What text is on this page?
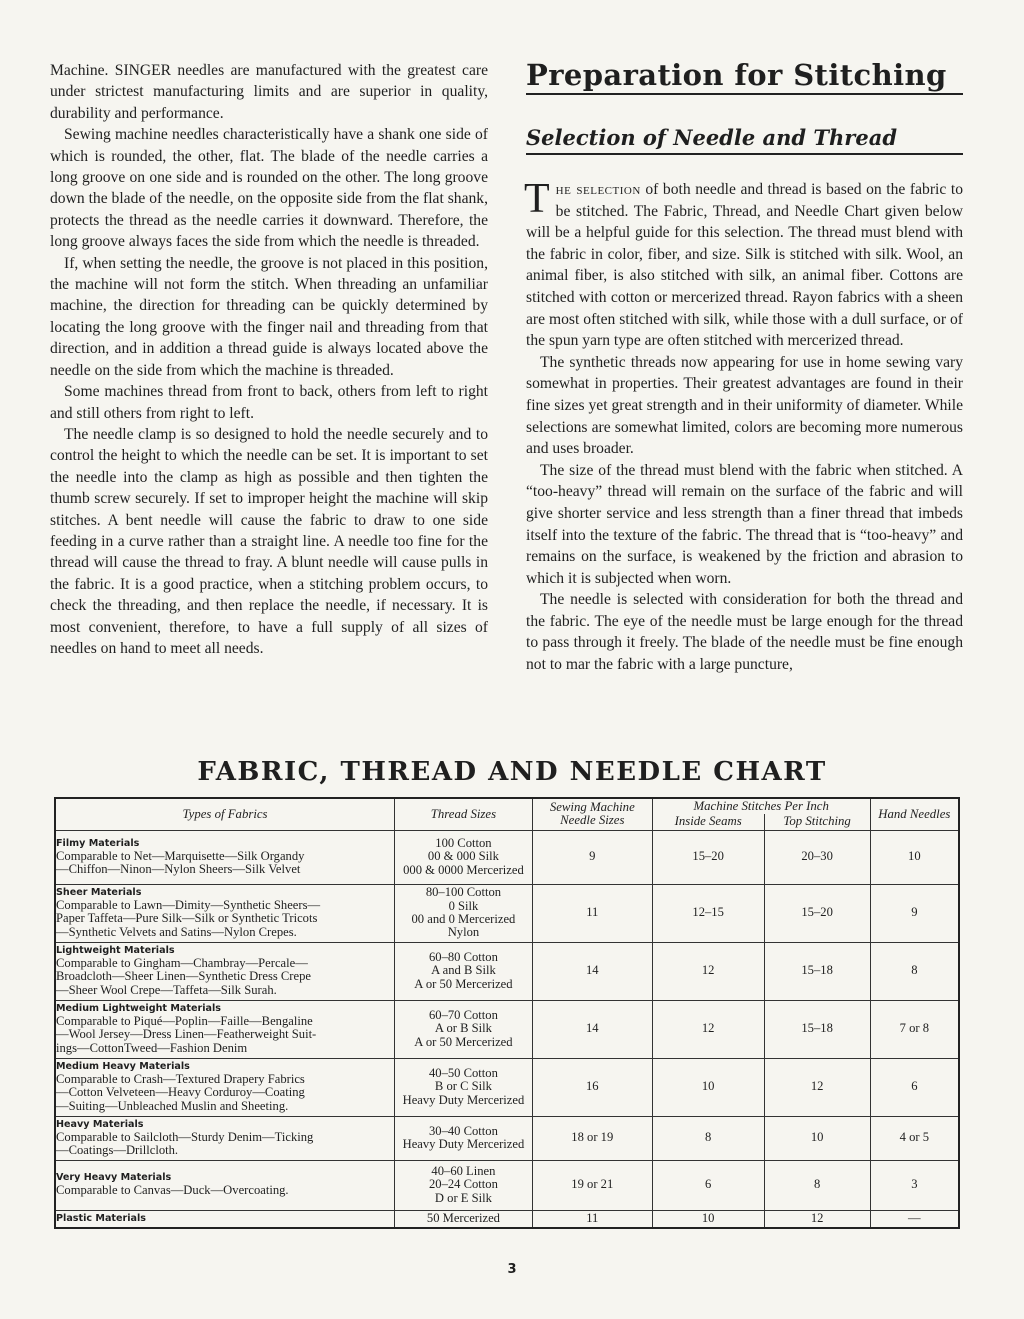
Machine. SINGER needles are manufactured with the greatest care under strictest manufacturing limits and are superior in quality, durability and performance.

Sewing machine needles characteristically have a shank one side of which is rounded, the other, flat. The blade of the needle carries a long groove on one side and is rounded on the other. The long groove down the blade of the needle, on the opposite side from the flat shank, protects the thread as the needle carries it downward. Therefore, the long groove always faces the side from which the needle is threaded.

If, when setting the needle, the groove is not placed in this position, the machine will not form the stitch. When threading an unfamiliar machine, the direction for threading can be quickly determined by locating the long groove with the finger nail and threading from that direction, and in addition a thread guide is always located above the needle on the side from which the machine is threaded.

Some machines thread from front to back, others from left to right and still others from right to left.

The needle clamp is so designed to hold the needle securely and to control the height to which the needle can be set. It is important to set the needle into the clamp as high as possible and then tighten the thumb screw securely. If set to improper height the machine will skip stitches. A bent needle will cause the fabric to draw to one side feeding in a curve rather than a straight line. A needle too fine for the thread will cause the thread to fray. A blunt needle will cause pulls in the fabric. It is a good practice, when a stitching problem occurs, to check the threading, and then replace the needle, if necessary. It is most convenient, therefore, to have a full supply of all sizes of needles on hand to meet all needs.

Preparation for Stitching
Selection of Needle and Thread

The selection of both needle and thread is based on the fabric to be stitched. The Fabric, Thread, and Needle Chart given below will be a helpful guide for this selection. The thread must blend with the fabric in color, fiber, and size. Silk is stitched with silk. Wool, an animal fiber, is also stitched with silk, an animal fiber. Cottons are stitched with cotton or mercerized thread. Rayon fabrics with a sheen are most often stitched with silk, while those with a dull surface, or of the spun yarn type are often stitched with mercerized thread.

The synthetic threads now appearing for use in home sewing vary somewhat in properties. Their greatest advantages are found in their fine sizes yet great strength and in their uniformity of diameter. While selections are somewhat limited, colors are becoming more numerous and uses broader.

The size of the thread must blend with the fabric when stitched. A “too-heavy” thread will remain on the surface of the fabric and will give shorter service and less strength than a finer thread that imbeds itself into the texture of the fabric. The thread that is “too-heavy” and remains on the surface, is weakened by the friction and abrasion to which it is subjected when worn.

The needle is selected with consideration for both the thread and the fabric. The eye of the needle must be large enough for the thread to pass through it freely. The blade of the needle must be fine enough not to mar the fabric with a large puncture,

FABRIC, THREAD AND NEEDLE CHART
Types of Fabrics	Thread Sizes	Sewing Machine Needle Sizes	Machine Stitches Per Inch		Hand Needles
			Inside Seams	Top Stitching	

Filmy Materials
Comparable to Net—Marquisette—Silk Organdy
—Chiffon—Ninon—Nylon Sheers—Silk Velvet	100 Cotton
00 & 000 Silk
000 & 0000 Mercerized	9	15–20	20–30	10

Sheer Materials
Comparable to Lawn—Dimity—Synthetic Sheers—
Paper Taffeta—Pure Silk—Silk or Synthetic Tricots
—Synthetic Velvets and Satins—Nylon Crepes.	80–100 Cotton
0 Silk
00 and 0 Mercerized
Nylon	11	12–15	15–20	9

Lightweight Materials
Comparable to Gingham—Chambray—Percale—
Broadcloth—Sheer Linen—Synthetic Dress Crepe
—Sheer Wool Crepe—Taffeta—Silk Surah.	60–80 Cotton
A and B Silk
A or 50 Mercerized	14	12	15–18	8

Medium Lightweight Materials
Comparable to Piqué—Poplin—Faille—Bengaline
—Wool Jersey—Dress Linen—Featherweight Suit-
ings—CottonTweed—Fashion Denim	60–70 Cotton
A or B Silk
A or 50 Mercerized	14	12	15–18	7 or 8

Medium Heavy Materials
Comparable to Crash—Textured Drapery Fabrics
—Cotton Velveteen—Heavy Corduroy—Coating
—Suiting—Unbleached Muslin and Sheeting.	40–50 Cotton
B or C Silk
Heavy Duty Mercerized	16	10	12	6

Heavy Materials
Comparable to Sailcloth—Sturdy Denim—Ticking
—Coatings—Drillcloth.	30–40 Cotton
Heavy Duty Mercerized	18 or 19	8	10	4 or 5

Very Heavy Materials
Comparable to Canvas—Duck—Overcoating.	40–60 Linen
20–24 Cotton
D or E Silk	19 or 21	6	8	3

Plastic Materials	50 Mercerized	11	10	12	—
3
